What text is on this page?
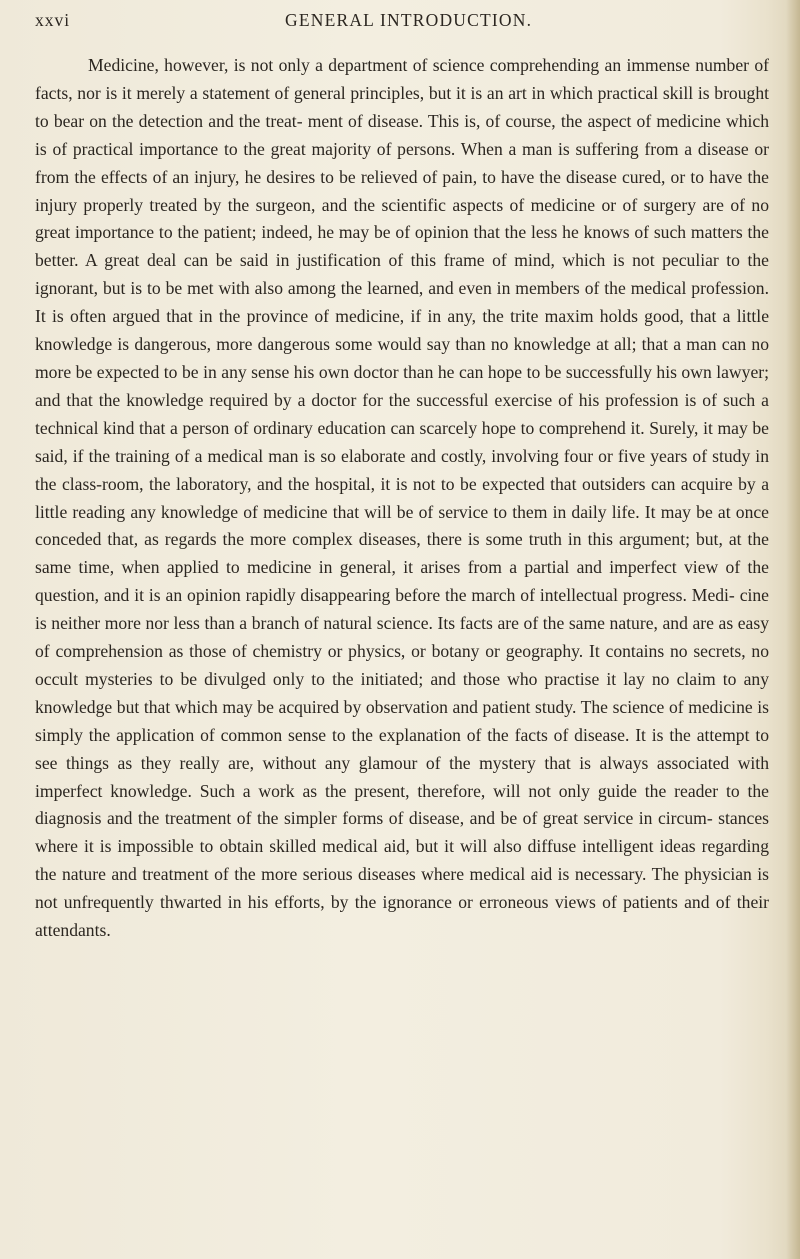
xxvi	GENERAL INTRODUCTION.

Medicine, however, is not only a department of science comprehending an immense number of facts, nor is it merely a statement of general principles, but it is an art in which practical skill is brought to bear on the detection and the treat- ment of disease. This is, of course, the aspect of medicine which is of practical importance to the great majority of persons. When a man is suffering from a disease or from the effects of an injury, he desires to be relieved of pain, to have the disease cured, or to have the injury properly treated by the surgeon, and the scientific aspects of medicine or of surgery are of no great importance to the patient; indeed, he may be of opinion that the less he knows of such matters the better. A great deal can be said in justification of this frame of mind, which is not peculiar to the ignorant, but is to be met with also among the learned, and even in members of the medical profession. It is often argued that in the province of medicine, if in any, the trite maxim holds good, that a little knowledge is dangerous, more dangerous some would say than no knowledge at all; that a man can no more be expected to be in any sense his own doctor than he can hope to be successfully his own lawyer; and that the knowledge required by a doctor for the successful exercise of his profession is of such a technical kind that a person of ordinary education can scarcely hope to comprehend it. Surely, it may be said, if the training of a medical man is so elaborate and costly, involving four or five years of study in the class-room, the laboratory, and the hospital, it is not to be expected that outsiders can acquire by a little reading any knowledge of medicine that will be of service to them in daily life. It may be at once conceded that, as regards the more complex diseases, there is some truth in this argument; but, at the same time, when applied to medicine in general, it arises from a partial and imperfect view of the question, and it is an opinion rapidly disappearing before the march of intellectual progress. Medi- cine is neither more nor less than a branch of natural science. Its facts are of the same nature, and are as easy of comprehension as those of chemistry or physics, or botany or geography. It contains no secrets, no occult mysteries to be divulged only to the initiated; and those who practise it lay no claim to any knowledge but that which may be acquired by observation and patient study. The science of medicine is simply the application of common sense to the explanation of the facts of disease. It is the attempt to see things as they really are, without any glamour of the mystery that is always associated with imperfect knowledge. Such a work as the present, therefore, will not only guide the reader to the diagnosis and the treatment of the simpler forms of disease, and be of great service in circum- stances where it is impossible to obtain skilled medical aid, but it will also diffuse intelligent ideas regarding the nature and treatment of the more serious diseases where medical aid is necessary. The physician is not unfrequently thwarted in his efforts, by the ignorance or erroneous views of patients and of their attendants.
